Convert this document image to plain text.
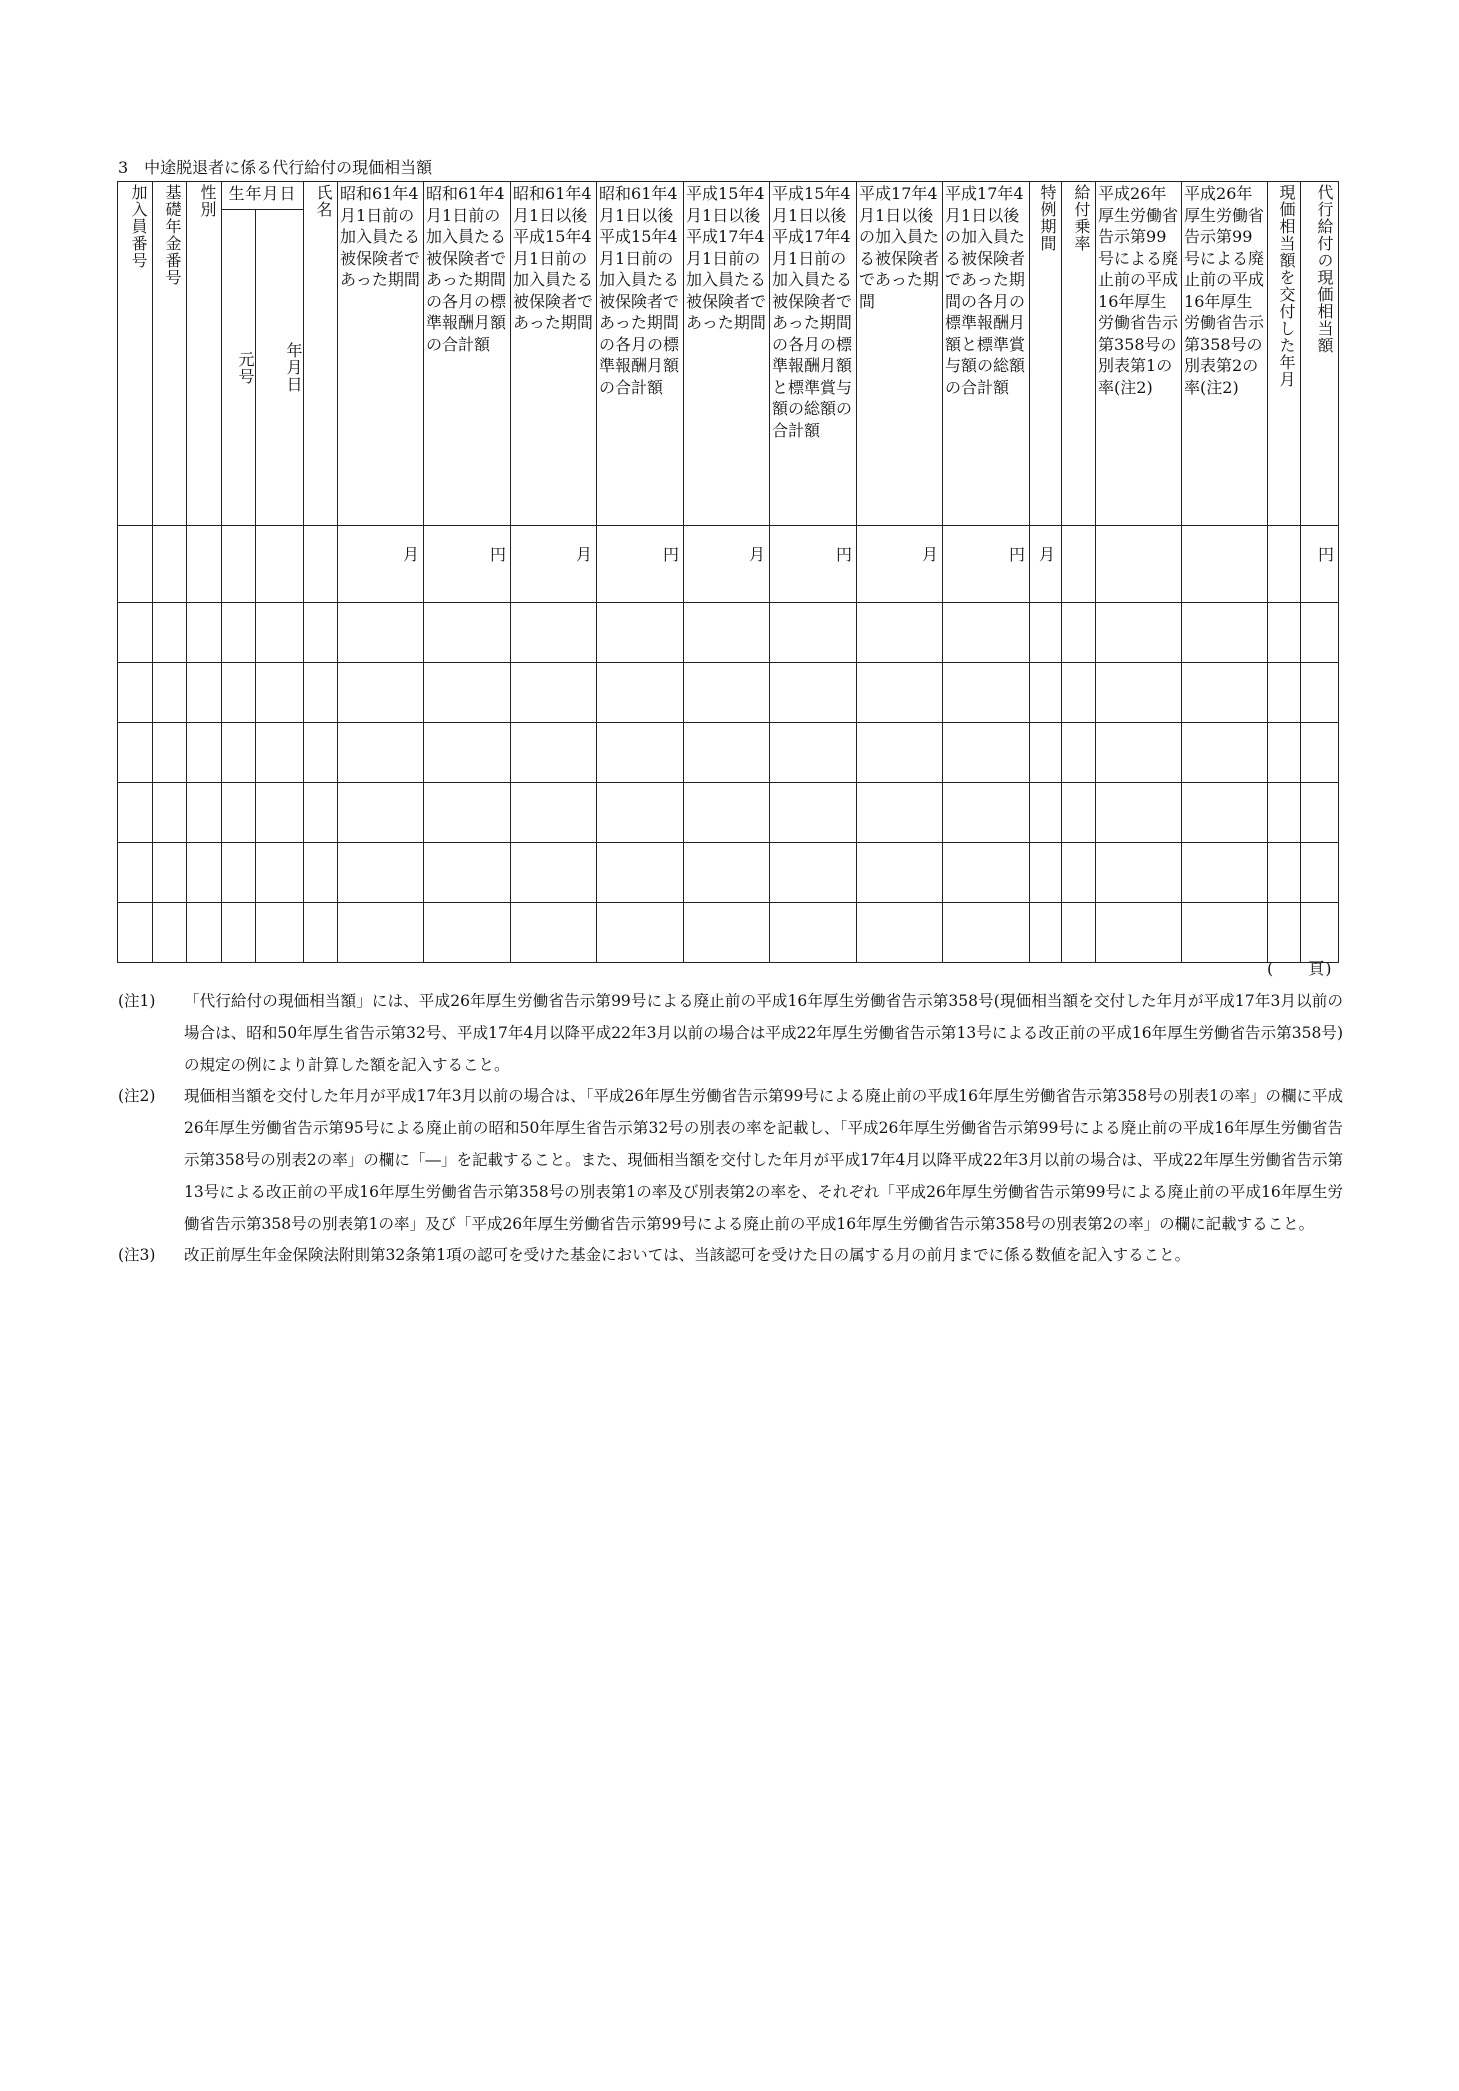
3　中途脱退者に係る代行給付の現価相当額
加入員番号	基礎年金番号	性別	生年月日		氏名	昭和61年4月1日前の加入員たる被保険者であった期間	昭和61年4月1日前の加入員たる被保険者であった期間の各月の標準報酬月額の合計額	昭和61年4月1日以後平成15年4月1日前の加入員たる被保険者であった期間	昭和61年4月1日以後平成15年4月1日前の加入員たる被保険者であった期間の各月の標準報酬月額の合計額	平成15年4月1日以後平成17年4月1日前の加入員たる被保険者であった期間	平成15年4月1日以後平成17年4月1日前の加入員たる被保険者であった期間の各月の標準報酬月額と標準賞与額の総額の合計額	平成17年4月1日以後の加入員たる被保険者であった期間	平成17年4月1日以後の加入員たる被保険者であった期間の各月の標準報酬月額と標準賞与額の総額の合計額	特例期間	給付乗率	平成26年厚生労働省告示第99号による廃止前の平成16年厚生労働省告示第358号の別表第1の率(注2)	平成26年厚生労働省告示第99号による廃止前の平成16年厚生労働省告示第358号の別表第2の率(注2)	現価相当額を交付した年月	代行給付の現価相当額
			元号	年月日															
						月	円	月	円	月	円	月	円	月					円

(　　頁)
(注1)	「代行給付の現価相当額」には、平成26年厚生労働省告示第99号による廃止前の平成16年厚生労働省告示第358号(現価相当額を交付した年月が平成17年3月以前の場合は、昭和50年厚生省告示第32号、平成17年4月以降平成22年3月以前の場合は平成22年厚生労働省告示第13号による改正前の平成16年厚生労働省告示第358号)の規定の例により計算した額を記入すること。
(注2)	現価相当額を交付した年月が平成17年3月以前の場合は、「平成26年厚生労働省告示第99号による廃止前の平成16年厚生労働省告示第358号の別表1の率」の欄に平成26年厚生労働省告示第95号による廃止前の昭和50年厚生省告示第32号の別表の率を記載し、「平成26年厚生労働省告示第99号による廃止前の平成16年厚生労働省告示第358号の別表2の率」の欄に「―」を記載すること。また、現価相当額を交付した年月が平成17年4月以降平成22年3月以前の場合は、平成22年厚生労働省告示第13号による改正前の平成16年厚生労働省告示第358号の別表第1の率及び別表第2の率を、それぞれ「平成26年厚生労働省告示第99号による廃止前の平成16年厚生労働省告示第358号の別表第1の率」及び「平成26年厚生労働省告示第99号による廃止前の平成16年厚生労働省告示第358号の別表第2の率」の欄に記載すること。
(注3)	改正前厚生年金保険法附則第32条第1項の認可を受けた基金においては、当該認可を受けた日の属する月の前月までに係る数値を記入すること。
